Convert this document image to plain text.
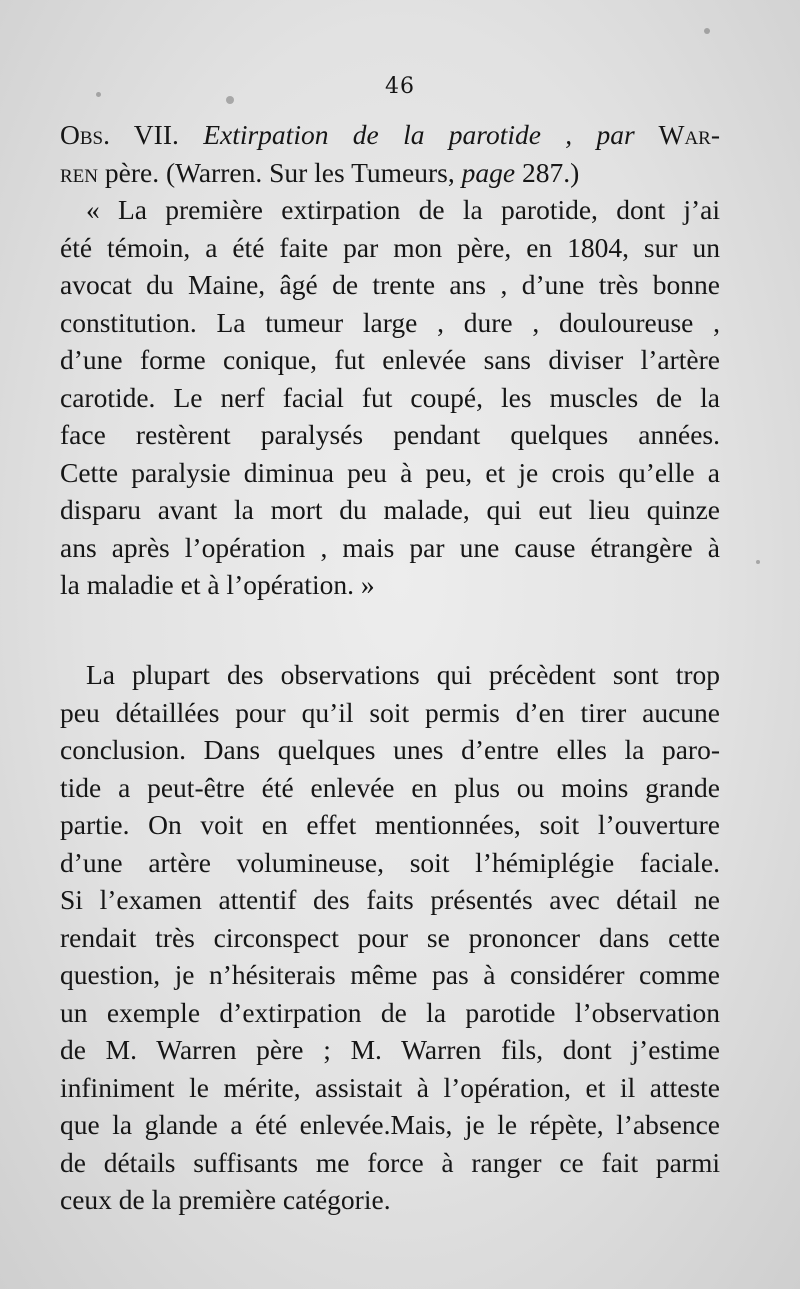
46
Obs. VII. Extirpation de la parotide , par War-
ren père. (Warren. Sur les Tumeurs, page 287.)
« La première extirpation de la parotide, dont j’ai
été témoin, a été faite par mon père, en 1804, sur un
avocat du Maine, âgé de trente ans , d’une très bonne
constitution. La tumeur large , dure , douloureuse ,
d’une forme conique, fut enlevée sans diviser l’artère
carotide. Le nerf facial fut coupé, les muscles de la
face restèrent paralysés pendant quelques années.
Cette paralysie diminua peu à peu, et je crois qu’elle a
disparu avant la mort du malade, qui eut lieu quinze
ans après l’opération , mais par une cause étrangère à
la maladie et à l’opération. »
La plupart des observations qui précèdent sont trop
peu détaillées pour qu’il soit permis d’en tirer aucune
conclusion. Dans quelques unes d’entre elles la paro-
tide a peut-être été enlevée en plus ou moins grande
partie. On voit en effet mentionnées, soit l’ouverture
d’une artère volumineuse, soit l’hémiplégie faciale.
Si l’examen attentif des faits présentés avec détail ne
rendait très circonspect pour se prononcer dans cette
question, je n’hésiterais même pas à considérer comme
un exemple d’extirpation de la parotide l’observation
de M. Warren père ; M. Warren fils, dont j’estime
infiniment le mérite, assistait à l’opération, et il atteste
que la glande a été enlevée.Mais, je le répète, l’absence
de détails suffisants me force à ranger ce fait parmi
ceux de la première catégorie.
